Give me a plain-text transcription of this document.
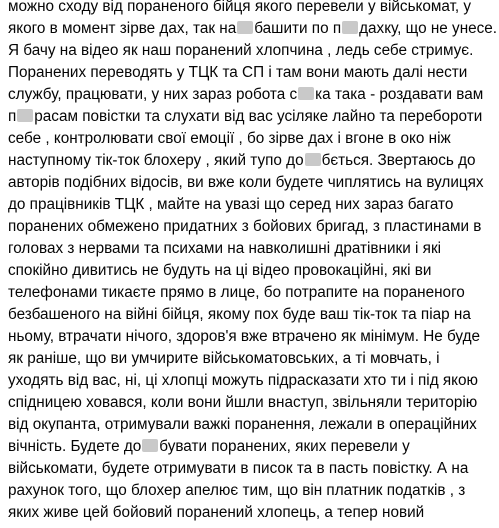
можно сходу від пораненого бійця якого перевели у військомат, у
якого в момент зірве дах, так на башити по п дахку, що не унесе.
Я бачу на відео як наш поранений хлопчина , ледь себе стримує.
Поранених переводять у ТЦК та СП і там вони мають далі нести
службу, працювати, у них зараз робота с ка така - роздавати вам
п расам повістки та слухати від вас усіляке лайно та перебороти
себе , контролювати свої емоції , бо зірве дах і вгоне в око ніж
наступному тік-ток блохеру , який тупо до бється. Звертаюсь до
авторів подібних відосів, ви вже коли будете чиплятись на вулицях
до працівників ТЦК , майте на увазі що серед них зараз багато
поранених обмежено придатних з бойових бригад, з пластинами в
головах з нервами та психами на навколишні дратівники і які
спокійно дивитись не будуть на ці відео провокаційні, які ви
телефонами тикаєте прямо в лице, бо потрапите на пораненого
безбашеного на війні бійця, якому пох буде ваш тік-ток та піар на
ньому, втрачати нічого, здоров'я вже втрачено як мінімум. Не буде
як раніше, що ви умчирите військоматовських, а ті мовчать, і
уходять від вас, ні, ці хлопці можуть підрасказати хто ти і під якою
спідницею ховався, коли вони йшли внаступ, звільняли територію
від окупанта, отримували важкі поранення, лежали в операційних
вічність. Будете до бувати поранених, яких перевели у
військомати, будете отримувати в писок та в пасть повістку. А на
рахунок того, що блохер апелює тим, що він платник податків , з
яких живе цей бойовий поранений хлопець, а тепер новий
